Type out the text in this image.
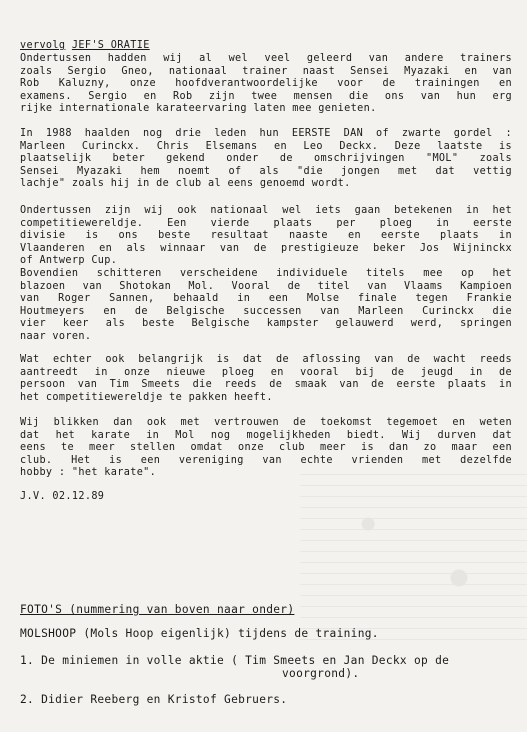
vervolg JEF'S ORATIE
Ondertussen hadden wij al wel veel geleerd van andere trainers
zoals Sergio Gneo, nationaal trainer naast Sensei Myazaki en van
Rob Kaluzny, onze hoofdverantwoordelijke voor de trainingen en
examens. Sergio en Rob zijn twee mensen die ons van hun erg
rijke internationale karateervaring laten mee genieten.
In 1988 haalden nog drie leden hun EERSTE DAN of zwarte gordel :
Marleen Curinckx. Chris Elsemans en Leo Deckx. Deze laatste is
plaatselijk beter gekend onder de omschrijvingen "MOL" zoals
Sensei Myazaki hem noemt of als "die jongen met dat vettig
lachje" zoals hij in de club al eens genoemd wordt.
Ondertussen zijn wij ook nationaal wel iets gaan betekenen in het
competitiewereldje. Een vierde plaats per ploeg in eerste
divisie is ons beste resultaat naaste en eerste plaats in
Vlaanderen en als winnaar van de prestigieuze beker Jos Wijninckx
of Antwerp Cup.
Bovendien schitteren verscheidene individuele titels mee op het
blazoen van Shotokan Mol. Vooral de titel van Vlaams Kampioen
van Roger Sannen, behaald in een Molse finale tegen Frankie
Houtmeyers en de Belgische successen van Marleen Curinckx die
vier keer als beste Belgische kampster gelauwerd werd, springen
naar voren.
Wat echter ook belangrijk is dat de aflossing van de wacht reeds
aantreedt in onze nieuwe ploeg en vooral bij de jeugd in de
persoon van Tim Smeets die reeds de smaak van de eerste plaats in
het competitiewereldje te pakken heeft.
Wij blikken dan ook met vertrouwen de toekomst tegemoet en weten
dat het karate in Mol nog mogelijkheden biedt. Wij durven dat
eens te meer stellen omdat onze club meer is dan zo maar een
club. Het is een vereniging van echte vrienden met dezelfde
hobby : "het karate".
J.V. 02.12.89
FOTO'S (nummering van boven naar onder)
MOLSHOOP (Mols Hoop eigenlijk) tijdens de training.
1. De miniemen in volle aktie ( Tim Smeets en Jan Deckx op de
voorgrond).
2. Didier Reeberg en Kristof Gebruers.
